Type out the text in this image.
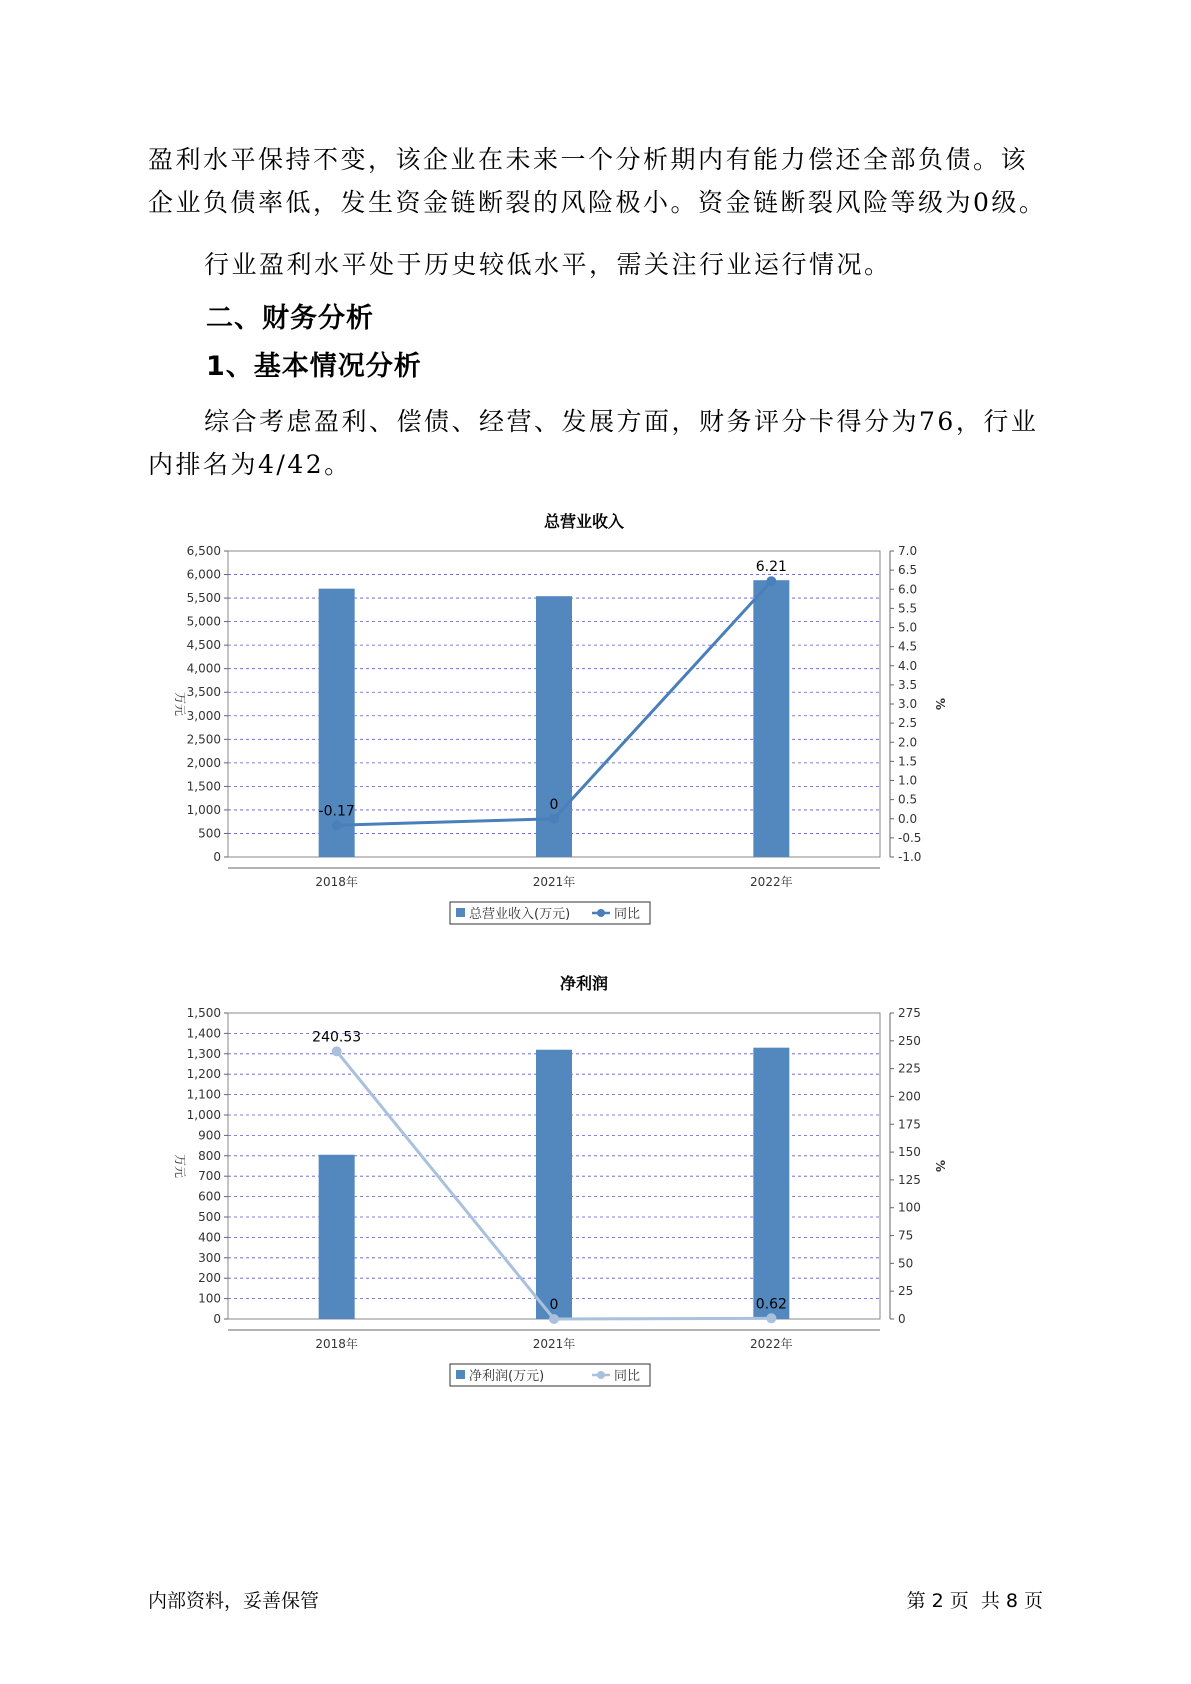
盈利水平保持不变，该企业在未来一个分析期内有能力偿还全部负债。该

企业负债率低，发生资金链断裂的风险极小。资金链断裂风险等级为0级。

行业盈利水平处于历史较低水平，需关注行业运行情况。

二、财务分析
1、基本情况分析

综合考虑盈利、偿债、经营、发展方面，财务评分卡得分为76，行业

内排名为4/42。

总营业收入
0
500
1,000
1,500
2,000
2,500
3,000
3,500
4,000
4,500
5,000
5,500
6,000
6,500
-1.0
-0.5
0.0
0.5
1.0
1.5
2.0
2.5
3.0
3.5
4.0
4.5
5.0
5.5
6.0
6.5
7.0
万元	%
2018年	2021年	2022年
-0.17	0
6.21
总营业收入(万元)	同比
净利润
0
100
200
300
400
500
600
700
800
900
1,000
1,100
1,200
1,300
1,400
1,500
0
25
50
75
100
125
150
175
200
225
250
275
万元	%
2018年	2021年	2022年
240.53
0	0.62
净利润(万元)	同比
内部资料，妥善保管	第 2 页  共 8 页
